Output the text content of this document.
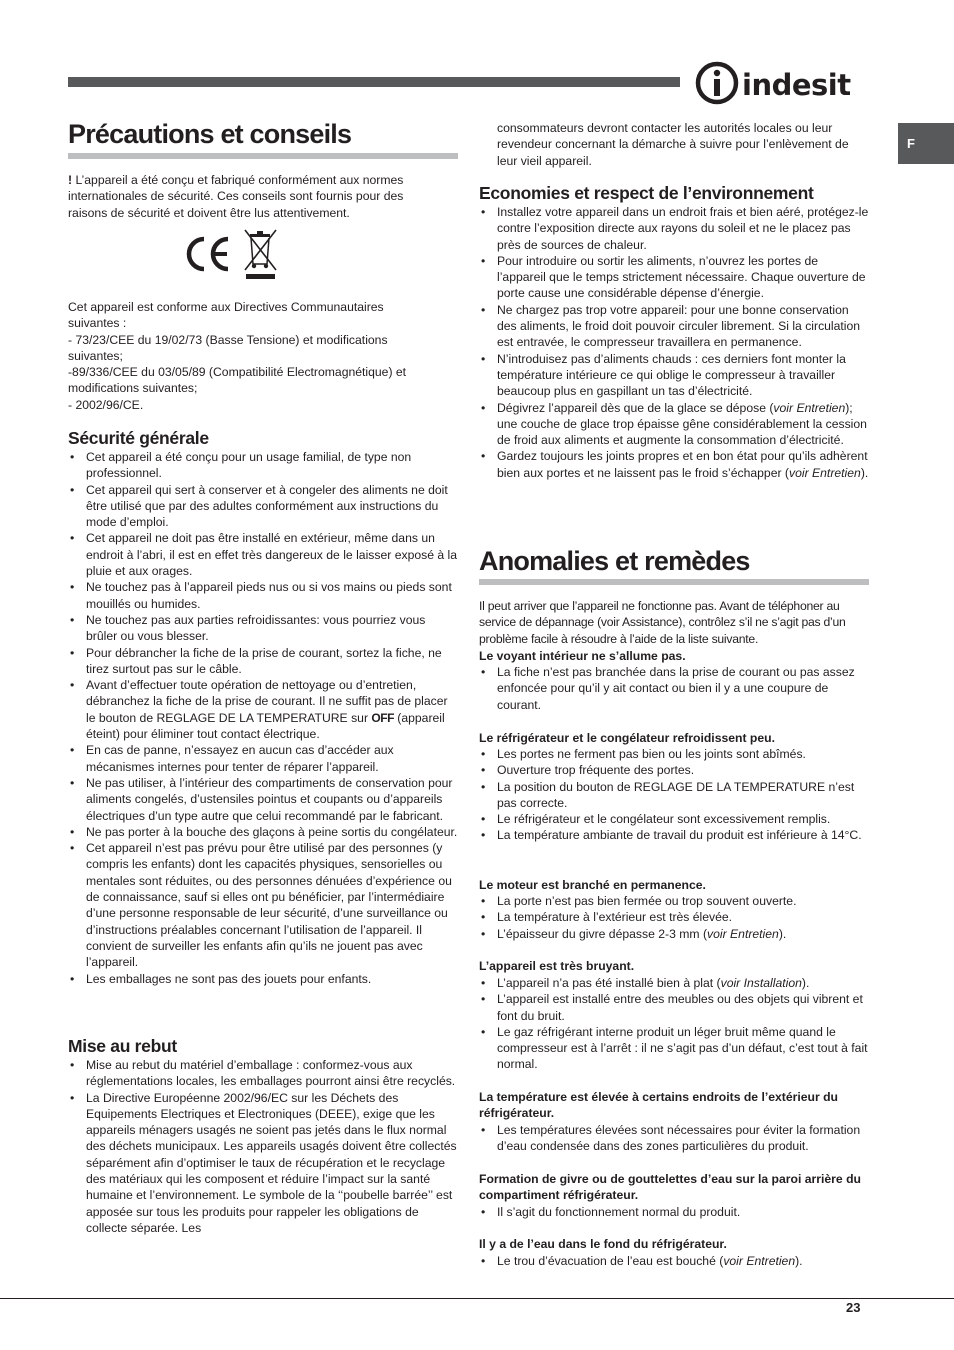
indesit
F
Précautions et conseils

! L’appareil a été conçu et fabriqué conformément aux normes internationales de sécurité. Ces conseils sont fournis pour des raisons de sécurité et doivent être lus attentivement.

Cet appareil est conforme aux Directives Communautaires suivantes :

- 73/23/CEE du 19/02/73 (Basse Tensione) et modifications suivantes;

-89/336/CEE du 03/05/89 (Compatibilité Electromagnétique) et modifications suivantes;

- 2002/96/CE.

Sécurité générale
• Cet appareil a été conçu pour un usage familial, de type non professionnel.
• Cet appareil qui sert à conserver et à congeler des aliments ne doit être utilisé que par des adultes conformément aux instructions du mode d’emploi.
• Cet appareil ne doit pas être installé en extérieur, même dans un endroit à l’abri, il est en effet très dangereux de le laisser exposé à la pluie et aux orages.
• Ne touchez pas à l’appareil pieds nus ou si vos mains ou pieds sont mouillés ou humides.
• Ne touchez pas aux parties refroidissantes: vous pourriez vous brûler ou vous blesser.
• Pour débrancher la fiche de la prise de courant, sortez la fiche, ne tirez surtout pas sur le câble.
• Avant d’effectuer toute opération de nettoyage ou d’entretien, débranchez la fiche de la prise de courant. Il ne suffit pas de placer le bouton de REGLAGE DE LA TEMPERATURE sur OFF (appareil éteint) pour éliminer tout contact électrique.
• En cas de panne, n’essayez en aucun cas d’accéder aux mécanismes internes pour tenter de réparer l’appareil.
• Ne pas utiliser, à l’intérieur des compartiments de conservation pour aliments congelés, d’ustensiles pointus et coupants ou d’appareils électriques d’un type autre que celui recommandé par le fabricant.
• Ne pas porter à la bouche des glaçons à peine sortis du congélateur.
• Cet appareil n’est pas prévu pour être utilisé par des personnes (y compris les enfants) dont les capacités physiques, sensorielles ou mentales sont réduites, ou des personnes dénuées d’expérience ou de connaissance, sauf si elles ont pu bénéficier, par l’intermédiaire d’une personne responsable de leur sécurité, d’une surveillance ou d’instructions préalables concernant l’utilisation de l’appareil. Il convient de surveiller les enfants afin qu’ils ne jouent pas avec l’appareil.
• Les emballages ne sont pas des jouets pour enfants.
Mise au rebut
• Mise au rebut du matériel d’emballage : conformez-vous aux réglementations locales, les emballages pourront ainsi être recyclés.
• La Directive Européenne 2002/96/EC sur les Déchets des Equipements Electriques et Electroniques (DEEE), exige que les appareils ménagers usagés ne soient pas jetés dans le flux normal des déchets municipaux. Les appareils usagés doivent être collectés séparément afin d’optimiser le taux de récupération et le recyclage des matériaux qui les composent et réduire l’impact sur la santé humaine et l’environnement. Le symbole de la ‘‘poubelle barrée’’ est apposée sur tous les produits pour rappeler les obligations de collecte séparée. Les

consommateurs devront contacter les autorités locales ou leur revendeur concernant la démarche à suivre pour l’enlèvement de leur vieil appareil.

Economies et respect de l’environnement
• Installez votre appareil dans un endroit frais et bien aéré, protégez-le contre l’exposition directe aux rayons du soleil et ne le placez pas près de sources de chaleur.
• Pour introduire ou sortir les aliments, n’ouvrez les portes de l’appareil que le temps strictement nécessaire. Chaque ouverture de porte cause une considérable dépense d’énergie.
• Ne chargez pas trop votre appareil: pour une bonne conservation des aliments, le froid doit pouvoir circuler librement. Si la circulation est entravée, le compresseur travaillera en permanence.
• N’introduisez pas d’aliments chauds : ces derniers font monter la température intérieure ce qui oblige le compresseur à travailler beaucoup plus en gaspillant un tas d’électricité.
• Dégivrez l’appareil dès que de la glace se dépose (voir Entretien); une couche de glace trop épaisse gêne considérablement la cession de froid aux aliments et augmente la consommation d’électricité.
• Gardez toujours les joints propres et en bon état pour qu’ils adhèrent bien aux portes et ne laissent pas le froid s’échapper (voir Entretien).
Anomalies et remèdes

Il peut arriver que l’appareil ne fonctionne pas. Avant de téléphoner au service de dépannage (voir Assistance), contrôlez s’il ne s’agit pas d’un problème facile à résoudre à l’aide de la liste suivante.

Le voyant intérieur ne s’allume pas.

• La fiche n’est pas branchée dans la prise de courant ou pas assez enfoncée pour qu’il y ait contact ou bien il y a une coupure de courant.

Le réfrigérateur et le congélateur refroidissent peu.

• Les portes ne ferment pas bien ou les joints sont abîmés.
• Ouverture trop fréquente des portes.
• La position du bouton de REGLAGE DE LA TEMPERATURE n’est pas correcte.
• Le réfrigérateur et le congélateur sont excessivement remplis.
• La température ambiante de travail du produit est inférieure à 14°C.

Le moteur est branché en permanence.

• La porte n’est pas bien fermée ou trop souvent ouverte.
• La température à l’extérieur est très élevée.
• L’épaisseur du givre dépasse 2-3 mm (voir Entretien).

L’appareil est très bruyant.

• L’appareil n’a pas été installé bien à plat (voir Installation).
• L’appareil est installé entre des meubles ou des objets qui vibrent et font du bruit.
• Le gaz réfrigérant interne produit un léger bruit même quand le compresseur est à l’arrêt : il ne s’agit pas d’un défaut, c’est tout à fait normal.

La température est élevée à certains endroits de l’extérieur du réfrigérateur.

• Les températures élevées sont nécessaires pour éviter la formation d’eau condensée dans des zones particulières du produit.

Formation de givre ou de gouttelettes d’eau sur la paroi arrière du compartiment réfrigérateur.

• Il s’agit du fonctionnement normal du produit.

Il y a de l’eau dans le fond du réfrigérateur.

• Le trou d’évacuation de l’eau est bouché (voir Entretien).
23
